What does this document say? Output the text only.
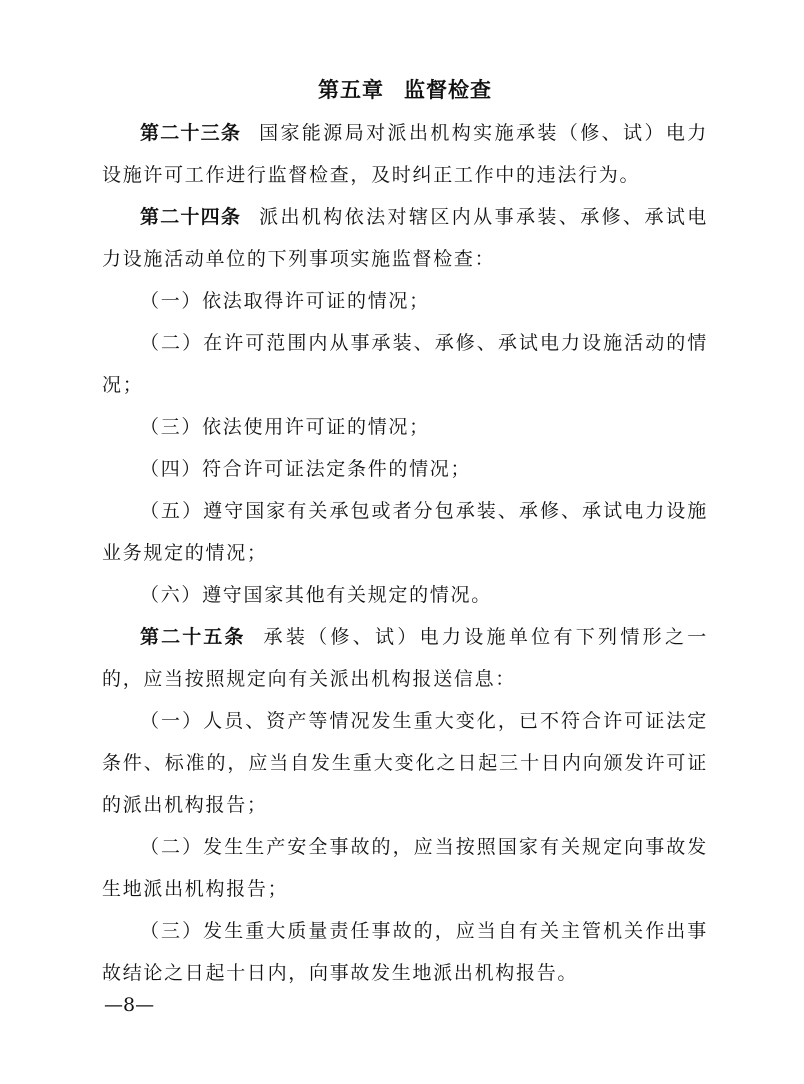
第五章 监督检查

第二十三条 国家能源局对派出机构实施承装（修、试）电力设施许可工作进行监督检查，及时纠正工作中的违法行为。

第二十四条 派出机构依法对辖区内从事承装、承修、承试电力设施活动单位的下列事项实施监督检查：

（一）依法取得许可证的情况；

（二）在许可范围内从事承装、承修、承试电力设施活动的情况；

（三）依法使用许可证的情况；

（四）符合许可证法定条件的情况；

（五）遵守国家有关承包或者分包承装、承修、承试电力设施业务规定的情况；

（六）遵守国家其他有关规定的情况。

第二十五条 承装（修、试）电力设施单位有下列情形之一的，应当按照规定向有关派出机构报送信息：

（一）人员、资产等情况发生重大变化，已不符合许可证法定条件、标准的，应当自发生重大变化之日起三十日内向颁发许可证的派出机构报告；

（二）发生生产安全事故的，应当按照国家有关规定向事故发生地派出机构报告；

（三）发生重大质量责任事故的，应当自有关主管机关作出事故结论之日起十日内，向事故发生地派出机构报告。

—8—
